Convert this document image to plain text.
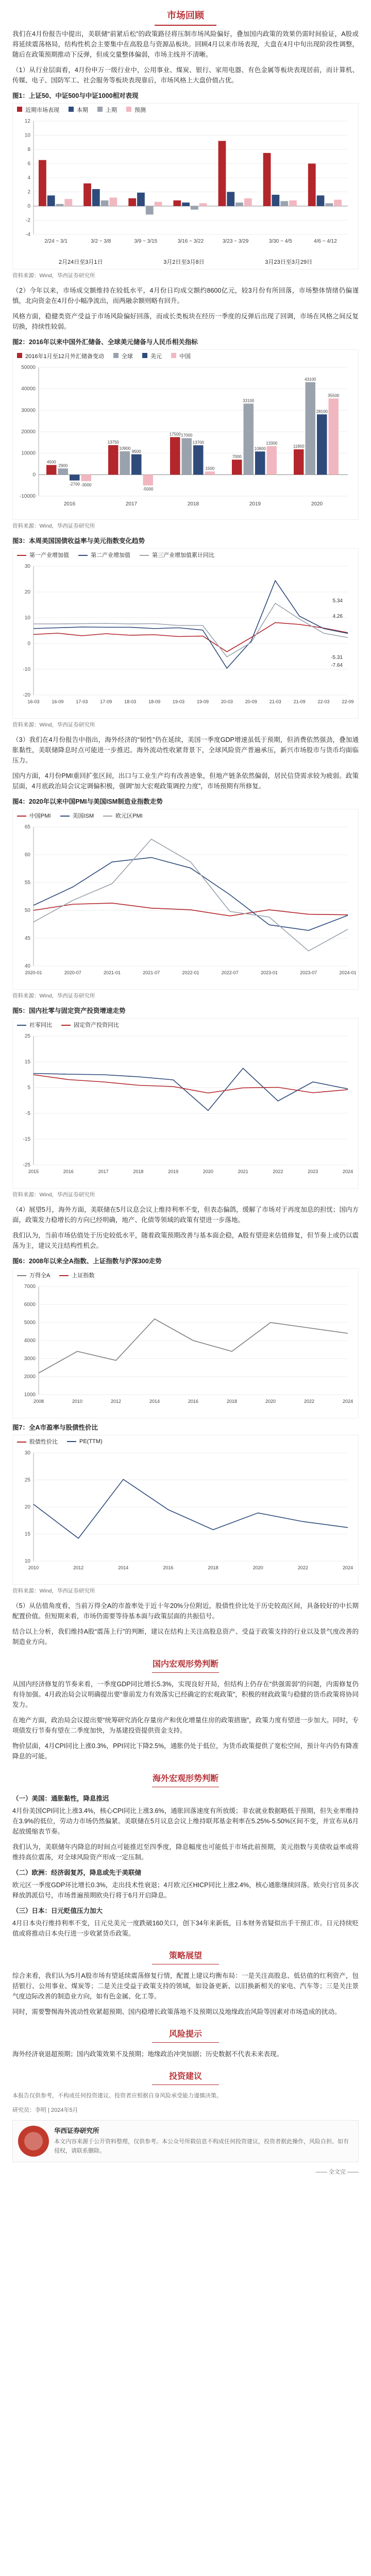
市场回顾

我们在4月份报告中提出，美联储“前紧后松”的政策路径将压制市场风险偏好，叠加国内政策的效果仍需时间验证，A股或将延续震荡格局，结构性机会主要集中在高股息与资源品板块。回顾4月以来市场表现，大盘在4月中旬出现阶段性调整，随后在政策预期推动下反弹，但成交量整体偏弱，市场主线并不清晰。

（1）从行业层面看，4月份申万一级行业中，公用事业、煤炭、银行、家用电器、有色金属等板块表现居前，而计算机、传媒、电子、国防军工、社会服务等板块表现靠后，市场风格上大盘价值占优。

图1：上证50、中证500与中证1000相对表现
近期市场表现	本期	上期	预测
12
10
8
6
4
2
0
-2
-4
2/24 ~ 3/1	3/2 ~ 3/8	3/9 ~ 3/15	3/16 ~ 3/22	3/23 ~ 3/29	3/30 ~ 4/5	4/6 ~ 4/12
2月24日至3月1日	3月2日至3月8日	3月23日至3月29日
资料来源：Wind，华西证券研究所

（2）今年以来，市场成交额维持在较低水平，4月份日均成交额约8600亿元，较3月份有所回落，市场整体情绪仍偏谨慎，北向资金在4月份小幅净流出，而两融余额则略有回升。

风格方面，稳健类资产受益于市场风险偏好回落，而成长类板块在经历一季度的反弹后出现了回调，市场在风格之间反复切换，持续性较弱。

图2：2016年以来中国外汇储备、全球美元储备与人民币相关指标
2016年1月至12月外汇储备变动	全球	美元	中国
-10000
0
10000
20000
30000
40000
50000
4500
2900
-2700 -3000
2016
13750
10900
9500
-5000
2017
17500 17000
13700
1500
2018
7000
33100
10800
13300
2019
11800
43100
28100
35500
2020
资料来源：Wind，华西证券研究所
图3：本周美国国债收益率与美元指数变化趋势
第一产业增加值	第二产业增加值	第三产业增加值累计同比
-20
-10
0
10
20
30
16-03	16-09	17-03	17-09	18-03	18-09	19-03	19-09	20-03	20-09	21-03	21-09	22-03	22-09
5.34
4.26
-5.31
-7.64
资料来源：Wind，华西证券研究所

（3）我们在4月份报告中指出，海外经济的“韧性”仍在延续，美国一季度GDP增速虽低于预期，但消费依然强劲，叠加通胀黏性，美联储降息时点可能进一步推迟。海外流动性收紧背景下，全球风险资产普遍承压，新兴市场股市与货币均面临压力。

国内方面，4月份PMI重回扩张区间，出口与工业生产均有改善迹象，但地产链条依然偏弱，居民信贷需求较为疲弱。政策层面，4月底政治局会议定调偏积极，强调“加大宏观政策调控力度”，市场预期有所修复。

图4：2020年以来中国PMI与美国ISM制造业指数走势
中国PMI	美国ISM	欧元区PMI
40
45
50
55
60
65
2020-01	2020-07	2021-01	2021-07	2022-01	2022-07	2023-01	2023-07	2024-01
资料来源：Wind，华西证券研究所
图5：国内社零与固定资产投资增速走势
社零同比	固定资产投资同比
-25
-15
-5
5
15
25
2015	2016	2017	2018	2019	2020	2021	2022	2023	2024
资料来源：Wind，华西证券研究所

（4）展望5月，海外方面，美联储在5月议息会议上维持利率不变，但表态偏鸽，缓解了市场对于再度加息的担忧；国内方面，政策发力稳增长的方向已经明确，地产、化债等领域的政策有望进一步落地。

我们认为，当前市场估值处于历史较低水平，随着政策预期改善与基本面企稳，A股有望迎来估值修复，但节奏上或仍以震荡为主，建议关注结构性机会。

图6：2008年以来全A指数、上证指数与沪深300走势
万得全A	上证指数
1000
2000
3000
4000
5000
6000
7000
2008	2010	2012	2014	2016	2018	2020	2022	2024
图7：全A市盈率与股债性价比
股债性价比	PE(TTM)
10
15
20
25
30
2010	2012	2014	2016	2018	2020	2022	2024
资料来源：Wind，华西证券研究所

（5）从估值角度看，当前万得全A的市盈率处于近十年20%分位附近，股债性价比处于历史较高区间，具备较好的中长期配置价值。但短期来看，市场仍需要等待基本面与政策层面的共振信号。

结合以上分析，我们维持A股“震荡上行”的判断，建议在结构上关注高股息资产、受益于政策支持的行业以及景气度改善的制造业方向。

国内宏观形势判断

从国内经济修复的节奏来看，一季度GDP同比增长5.3%，实现良好开局，但结构上仍存在“供强需弱”的问题，内需修复仍有待加强。4月政治局会议明确提出要“靠前发力有效落实已经确定的宏观政策”，积极的财政政策与稳健的货币政策将协同发力。

在地产方面，政治局会议提出要“统筹研究消化存量房产和优化增量住房的政策措施”，政策力度有望进一步加大。同时，专项债发行节奏有望在二季度加快，为基建投资提供资金支持。

物价层面，4月CPI同比上涨0.3%，PPI同比下降2.5%，通胀仍处于低位，为货币政策提供了宽松空间，预计年内仍有降准降息的可能。

海外宏观形势判断
（一）美国：通胀黏性，降息推迟

4月份美国CPI同比上涨3.4%，核心CPI同比上涨3.6%，通胀回落速度有所放缓；非农就业数据略低于预期，但失业率维持在3.9%的低位，劳动力市场仍然偏紧。美联储在5月议息会议上维持联邦基金利率在5.25%-5.50%区间不变，并宣布从6月起放缓缩表节奏。

我们认为，美联储年内降息的时间点可能推迟至四季度，降息幅度也可能低于市场此前预期，美元指数与美债收益率或将维持高位震荡，对全球风险资产形成一定压制。

（二）欧洲：经济弱复苏，降息或先于美联储

欧元区一季度GDP环比增长0.3%，走出技术性衰退；4月欧元区HICP同比上涨2.4%，核心通胀继续回落。欧央行官员多次释放鸽派信号，市场普遍预期欧央行将于6月开启降息。

（三）日本：日元贬值压力加大

4月日本央行维持利率不变，日元兑美元一度跌破160关口，创下34年来新低，日本财务省疑似出手干预汇市。日元持续贬值或将推动日本央行进一步收紧货币政策。

策略展望

综合来看，我们认为5月A股市场有望延续震荡修复行情，配置上建议均衡布局：一是关注高股息、低估值的红利资产，包括银行、公用事业、煤炭等；二是关注受益于政策支持的领域，如设备更新、以旧换新相关的家电、汽车等；三是关注景气度边际改善的制造业方向，如有色金属、化工等。

同时，需要警惕海外流动性收紧超预期、国内稳增长政策落地不及预期以及地缘政治风险等因素对市场造成的扰动。

风险提示

海外经济衰退超预期；国内政策效果不及预期；地缘政治冲突加剧；历史数据不代表未来表现。

投资建议

本报告仅供参考，不构成任何投资建议。投资者应根据自身风险承受能力谨慎决策。

研究员：李明 | 2024年5月
华西证券研究所
本文内容来源于公开资料整理，仅供参考。本公众号所载信息不构成任何投资建议，投资者据此操作，风险自担。如有侵权，请联系删除。
—— 全文完 ——
